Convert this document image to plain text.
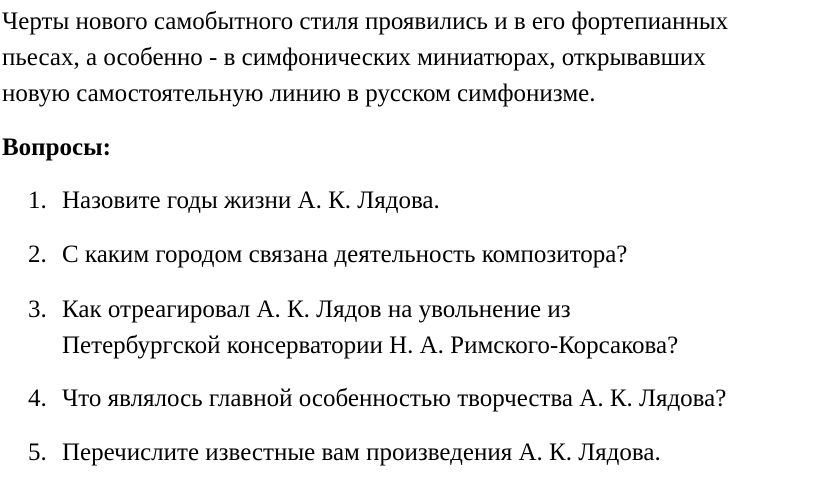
Черты нового самобытного стиля проявились и в его фортепианных
пьесах, а особенно - в симфонических миниатюрах, открывавших
новую самостоятельную линию в русском симфонизме.

Вопросы:
1. Назовите годы жизни А. К. Лядова.
2. С каким городом связана деятельность композитора?
3. Как отреагировал А. К. Лядов на увольнение из
Петербургской консерватории Н. А. Римского-Корсакова?
4. Что являлось главной особенностью творчества А. К. Лядова?
5. Перечислите известные вам произведения А. К. Лядова.
